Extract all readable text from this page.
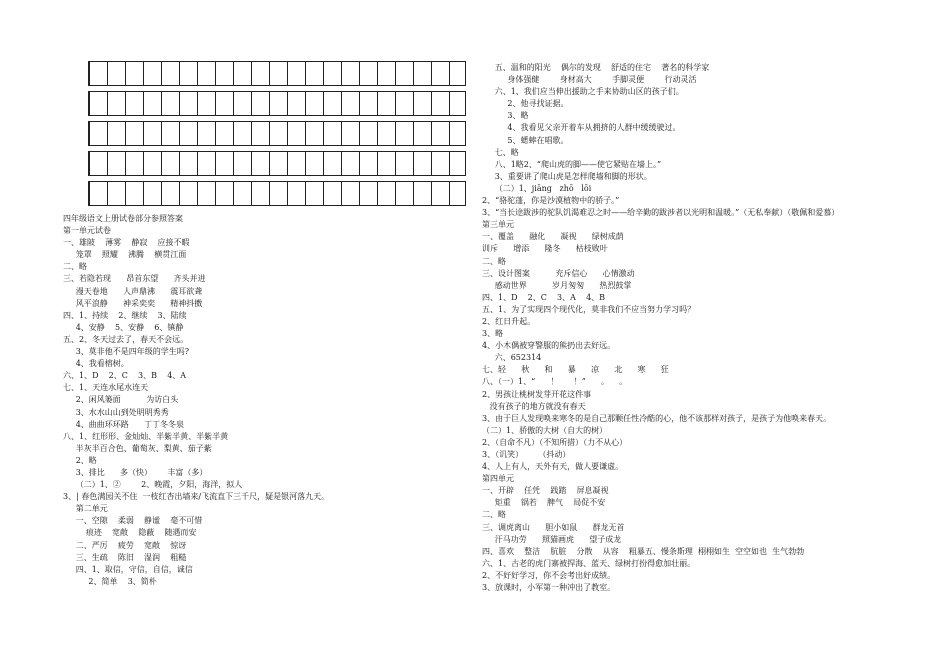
四年级语文上册试卷部分参照答案
第一单元试卷
一、雄陂    薄雾    静寂    应接不暇
笼罩    照耀    沸腾    横贯江面
二、略
三、若隐若现      昂首东望      齐头并进
漫天卷地      人声鼎沸      震耳欲聋
风平浪静      神采奕奕      精神抖擞
四、1、持续    2、继续    3、陆续
4、安静    5、安静    6、镇静
五、2、冬天过去了，春天不会远。
3、莫非他不是四年级的学生吗?
4、我看榕树。
六、1、D    2、C    3、B    4、A
七、1、天连水尾水连天
2、闲风篓面          为访白头
3、水水山山到处明明秀秀
4、曲曲环环路      丁丁冬冬泉
八、1、红形形、金灿灿、半紫半黄、半紫半黄
半灰半百合色、葡萄灰、梨黄、茄子紫
2、略
3、排比      多（快）      丰富（多）
（二）1、②        2、晚霞，夕阳，海洋，拟人
3、| 春色满园关不住  一枝红杏出墙来/飞流直下三千尺，疑是银河落九天。
第二单元
一、空隙    柔弱    静谧    毫不可惜
痕迹    宽敞    隐蔽    随遇而安
二、严厉    疲劳    宽敞    惊讶
三、生疏    陈旧    湿润    粗糙
四、1、取信，守信，自信，诚信
2、简单    3、简朴
五、温和的阳光    偶尔的发现    舒适的住宅    著名的科学家
身体强健        身材高大        手脚灵便        行动灵活
六、1、我们应当伸出援助之手来协助山区的孩子们。
2、他寻找证据。
3、略
4、我看见父亲开着车从拥挤的人群中缓缓驶过。
5、蟋蟀在唱歌。
七、略
八、1略2、“爬山虎的脚——使它紧贴在墙上。”
3、重要讲了爬山虎是怎样爬墙和脚的形状。
（二）1、jiāng   zhō   lōi
2、“骆驼蓬，你是沙漠植物中的骄子。”
3、“当长途跋涉的驼队饥渴难忍之时——给辛勤的跋涉者以光明和温暖。”（无私奉献）（敬佩和爱慕）
第三单元
一、覆盖      融化      凝视      绿树成荫
训斥      增添      隆冬      枯枝败叶
二、略
三、设计图案          充斥信心      心情激动
感动世界          岁月匆匆      热烈鼓掌
四、1、D    2、C    3、A    4、B
五、1、为了实现四个现代化，莫非我们不应当努力学习吗？
2、红日升起。
3、略
4、小木偶被穿警服的熊扔出去好远。
六、652314
七、轻      秋      和      暴      凉      北      寒      狂
八、（一）1、“      ！      ！”      。    。
2、男孩让桃树发芽开花这件事
没有孩子的地方就没有春天
3、由于巨人发现唤来寒冬的是自己那颗任性冷酷的心，他不该那样对孩子，是孩子为他唤来春天。
（二）1、骄傲的大树（自大的树）
2、（自命不凡）（不知所措）（力不从心）
3、（讥笑）      （抖动）
4、人上有人，天外有天，做人要谦虚。
第四单元
一、开辟    任凭    践踏    屏息凝视
矩重    锅若    脾气    局促不安
二、略
三、调虎离山      胆小如鼠      群龙无首
汗马功劳      照猫画虎      望子成龙
四、喜欢    整洁    肮脏    分散    从容    粗暴五、慢条斯理  栩栩如生  空空如也  生气勃勃
六、1、古老的虎门寨被捍海、蓝天、绿树打扮得愈加壮丽。
2、不好好学习，你不会考出好成绩。
3、放课时，小军第一种冲出了教室。
